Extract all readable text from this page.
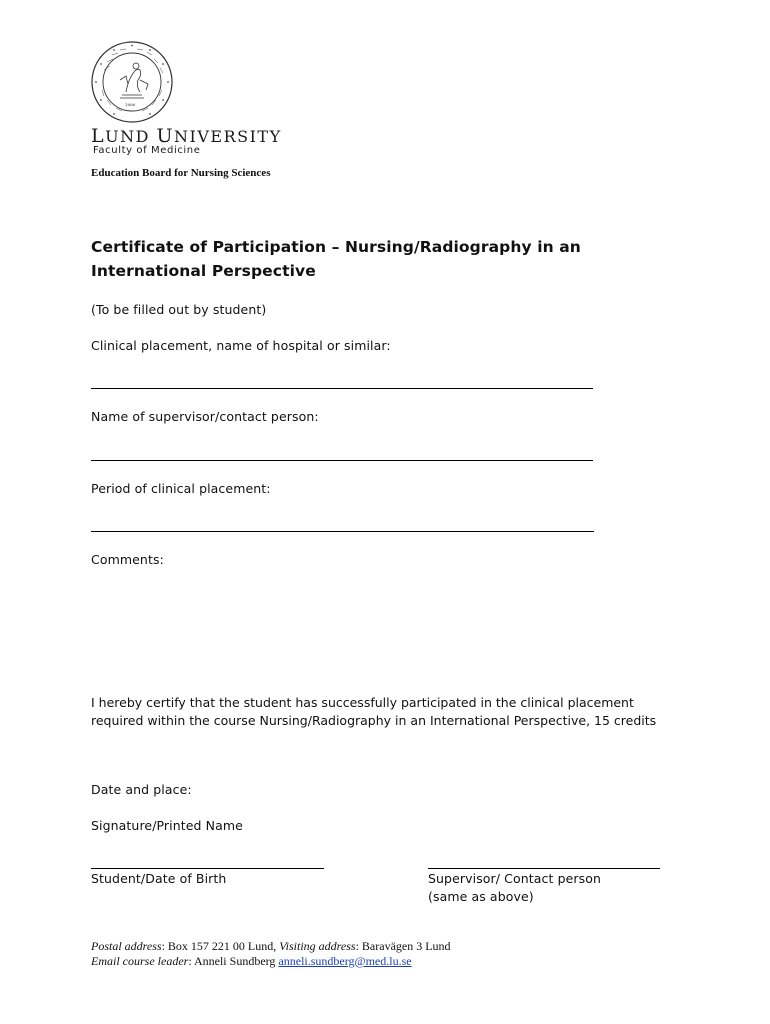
1666
LUND UNIVERSITY
Faculty of Medicine
Education Board for Nursing Sciences
Certificate of Participation – Nursing/Radiography in an International Perspective
(To be filled out by student)
Clinical placement, name of hospital or similar:
Name of supervisor/contact person:
Period of clinical placement:
Comments:
I hereby certify that the student has successfully participated in the clinical placement
required within the course Nursing/Radiography in an International Perspective, 15 credits
Date and place:
Signature/Printed Name
Student/Date of Birth	Supervisor/ Contact person
(same as above)
Postal address: Box 157 221 00 Lund, Visiting address: Baravägen 3 Lund
Email course leader: Anneli Sundberg anneli.sundberg@med.lu.se
